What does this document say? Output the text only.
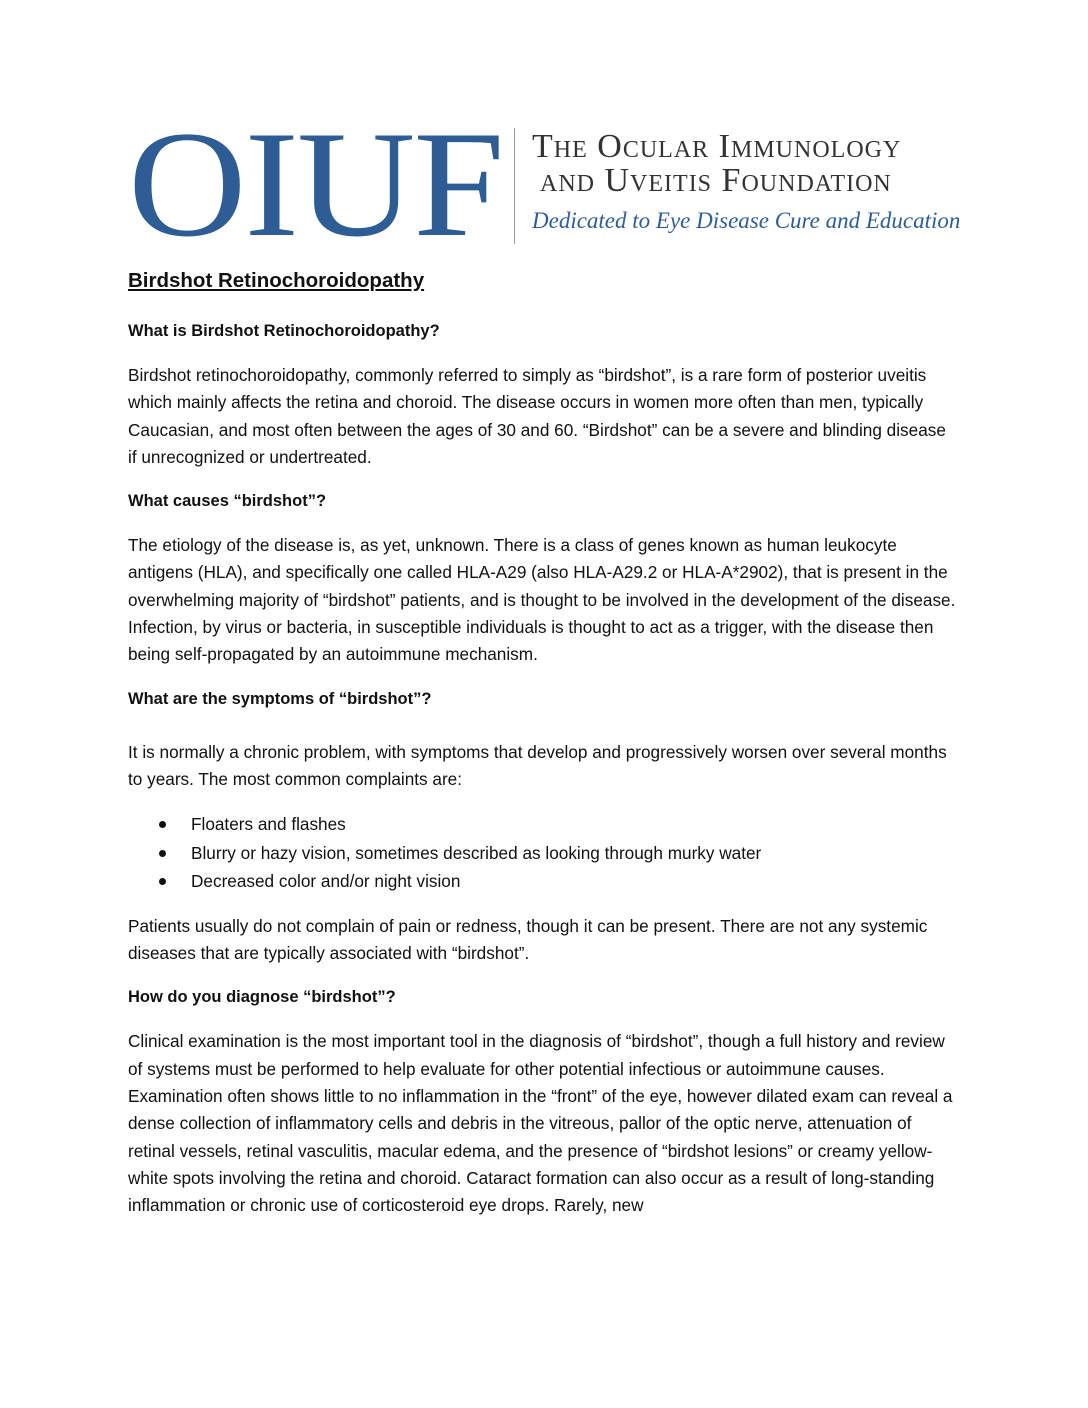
OIUF The Ocular Immunology
and Uveitis Foundation
Dedicated to Eye Disease Cure and Education
Birdshot Retinochoroidopathy
What is Birdshot Retinochoroidopathy?
Birdshot retinochoroidopathy, commonly referred to simply as “birdshot”, is a rare form of posterior uveitis which mainly affects the retina and choroid. The disease occurs in women more often than men, typically Caucasian, and most often between the ages of 30 and 60. “Birdshot” can be a severe and blinding disease if unrecognized or undertreated.
What causes “birdshot”?
The etiology of the disease is, as yet, unknown. There is a class of genes known as human leukocyte antigens (HLA), and specifically one called HLA-A29 (also HLA-A29.2 or HLA-A*2902), that is present in the overwhelming majority of “birdshot” patients, and is thought to be involved in the development of the disease. Infection, by virus or bacteria, in susceptible individuals is thought to act as a trigger, with the disease then being self-propagated by an autoimmune mechanism.
What are the symptoms of “birdshot”?
It is normally a chronic problem, with symptoms that develop and progressively worsen over several months to years. The most common complaints are:
Floaters and flashes
Blurry or hazy vision, sometimes described as looking through murky water
Decreased color and/or night vision
Patients usually do not complain of pain or redness, though it can be present. There are not any systemic diseases that are typically associated with “birdshot”.
How do you diagnose “birdshot”?
Clinical examination is the most important tool in the diagnosis of “birdshot”, though a full history and review of systems must be performed to help evaluate for other potential infectious or autoimmune causes. Examination often shows little to no inflammation in the “front” of the eye, however dilated exam can reveal a dense collection of inflammatory cells and debris in the vitreous, pallor of the optic nerve, attenuation of retinal vessels, retinal vasculitis, macular edema, and the presence of “birdshot lesions” or creamy yellow-white spots involving the retina and choroid. Cataract formation can also occur as a result of long-standing inflammation or chronic use of corticosteroid eye drops. Rarely, new
